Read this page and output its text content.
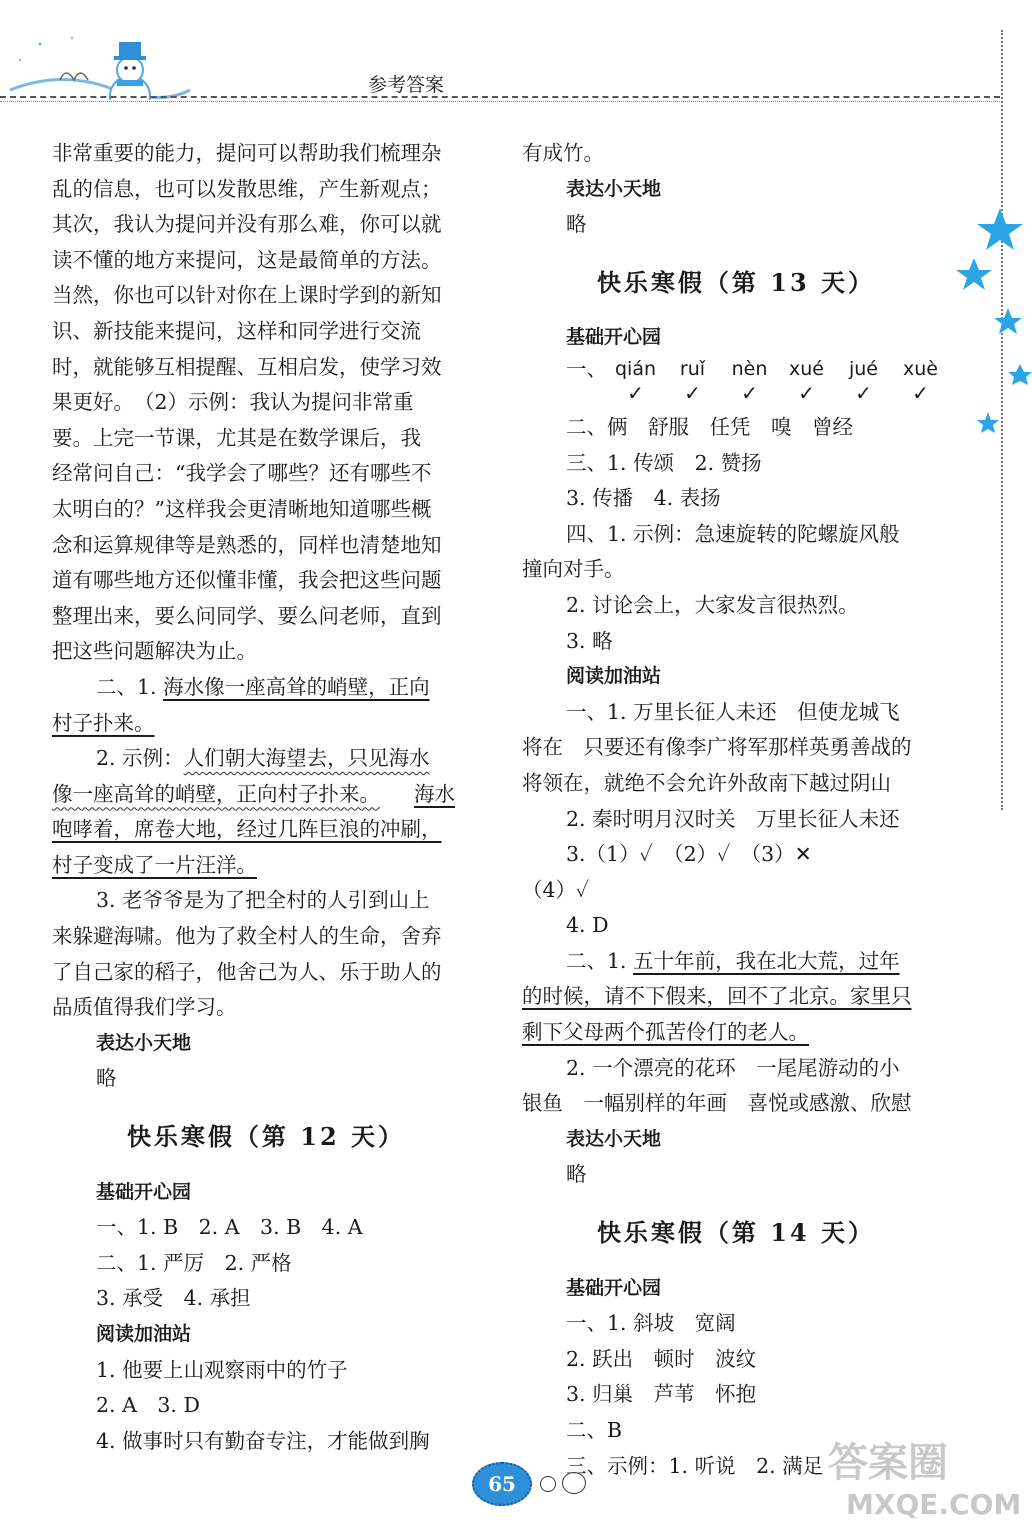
参考答案

非常重要的能力，提问可以帮助我们梳理杂

乱的信息，也可以发散思维，产生新观点；

其次，我认为提问并没有那么难，你可以就

读不懂的地方来提问，这是最简单的方法。

当然，你也可以针对你在上课时学到的新知

识、新技能来提问，这样和同学进行交流

时，就能够互相提醒、互相启发，使学习效

果更好。　（2）示例：我认为提问非常重

要。上完一节课，尤其是在数学课后，我

经常问自己：“我学会了哪些？还有哪些不

太明白的？”这样我会更清晰地知道哪些概

念和运算规律等是熟悉的，同样也清楚地知

道有哪些地方还似懂非懂，我会把这些问题

整理出来，要么问同学、要么问老师，直到

把这些问题解决为止。

二、1. 海水像一座高耸的峭壁，正向

村子扑来。

2. 示例：人们朝大海望去，只见海水

像一座高耸的峭壁，正向村子扑来。 海水

咆哮着，席卷大地，经过几阵巨浪的冲刷，

村子变成了一片汪洋。

3. 老爷爷是为了把全村的人引到山上

来躲避海啸。他为了救全村人的生命，舍弃

了自己家的稻子，他舍己为人、乐于助人的

品质值得我们学习。

表达小天地

略

快乐寒假（第 12 天）

基础开心园

一、1. B　2. A　3. B　4. A

二、1. 严厉　2. 严格

3. 承受　4. 承担

阅读加油站

1. 他要上山观察雨中的竹子

2. A　3. D

4. 做事时只有勤奋专注，才能做到胸

有成竹。

表达小天地

略

快乐寒假（第 13 天）

基础开心园

一、 qián
✓
ruǐ
✓
nèn
✓
xué
✓
jué
✓
xuè
✓

二、俩　舒服　任凭　嗅　曾经

三、1. 传颂　2. 赞扬

3. 传播　4. 表扬

四、1. 示例：急速旋转的陀螺旋风般

撞向对手。

2. 讨论会上，大家发言很热烈。

3. 略

阅读加油站

一、1. 万里长征人未还　但使龙城飞

将在　只要还有像李广将军那样英勇善战的

将领在，就绝不会允许外敌南下越过阴山

2. 秦时明月汉时关　万里长征人未还

3.（1）✓　（2）✓　（3）✕

（4）✓

4. D

二、1. 五十年前，我在北大荒，过年

的时候，请不下假来，回不了北京。家里只

剩下父母两个孤苦伶仃的老人。

2. 一个漂亮的花环　一尾尾游动的小

银鱼　一幅别样的年画　喜悦或感激、欣慰

表达小天地

略

快乐寒假（第 14 天）

基础开心园

一、1. 斜坡　宽阔

2. 跃出　顿时　波纹

3. 归巢　芦苇　怀抱

二、B

三、示例：1. 听说　2. 满足

65	答案圈
MXQE.COM
